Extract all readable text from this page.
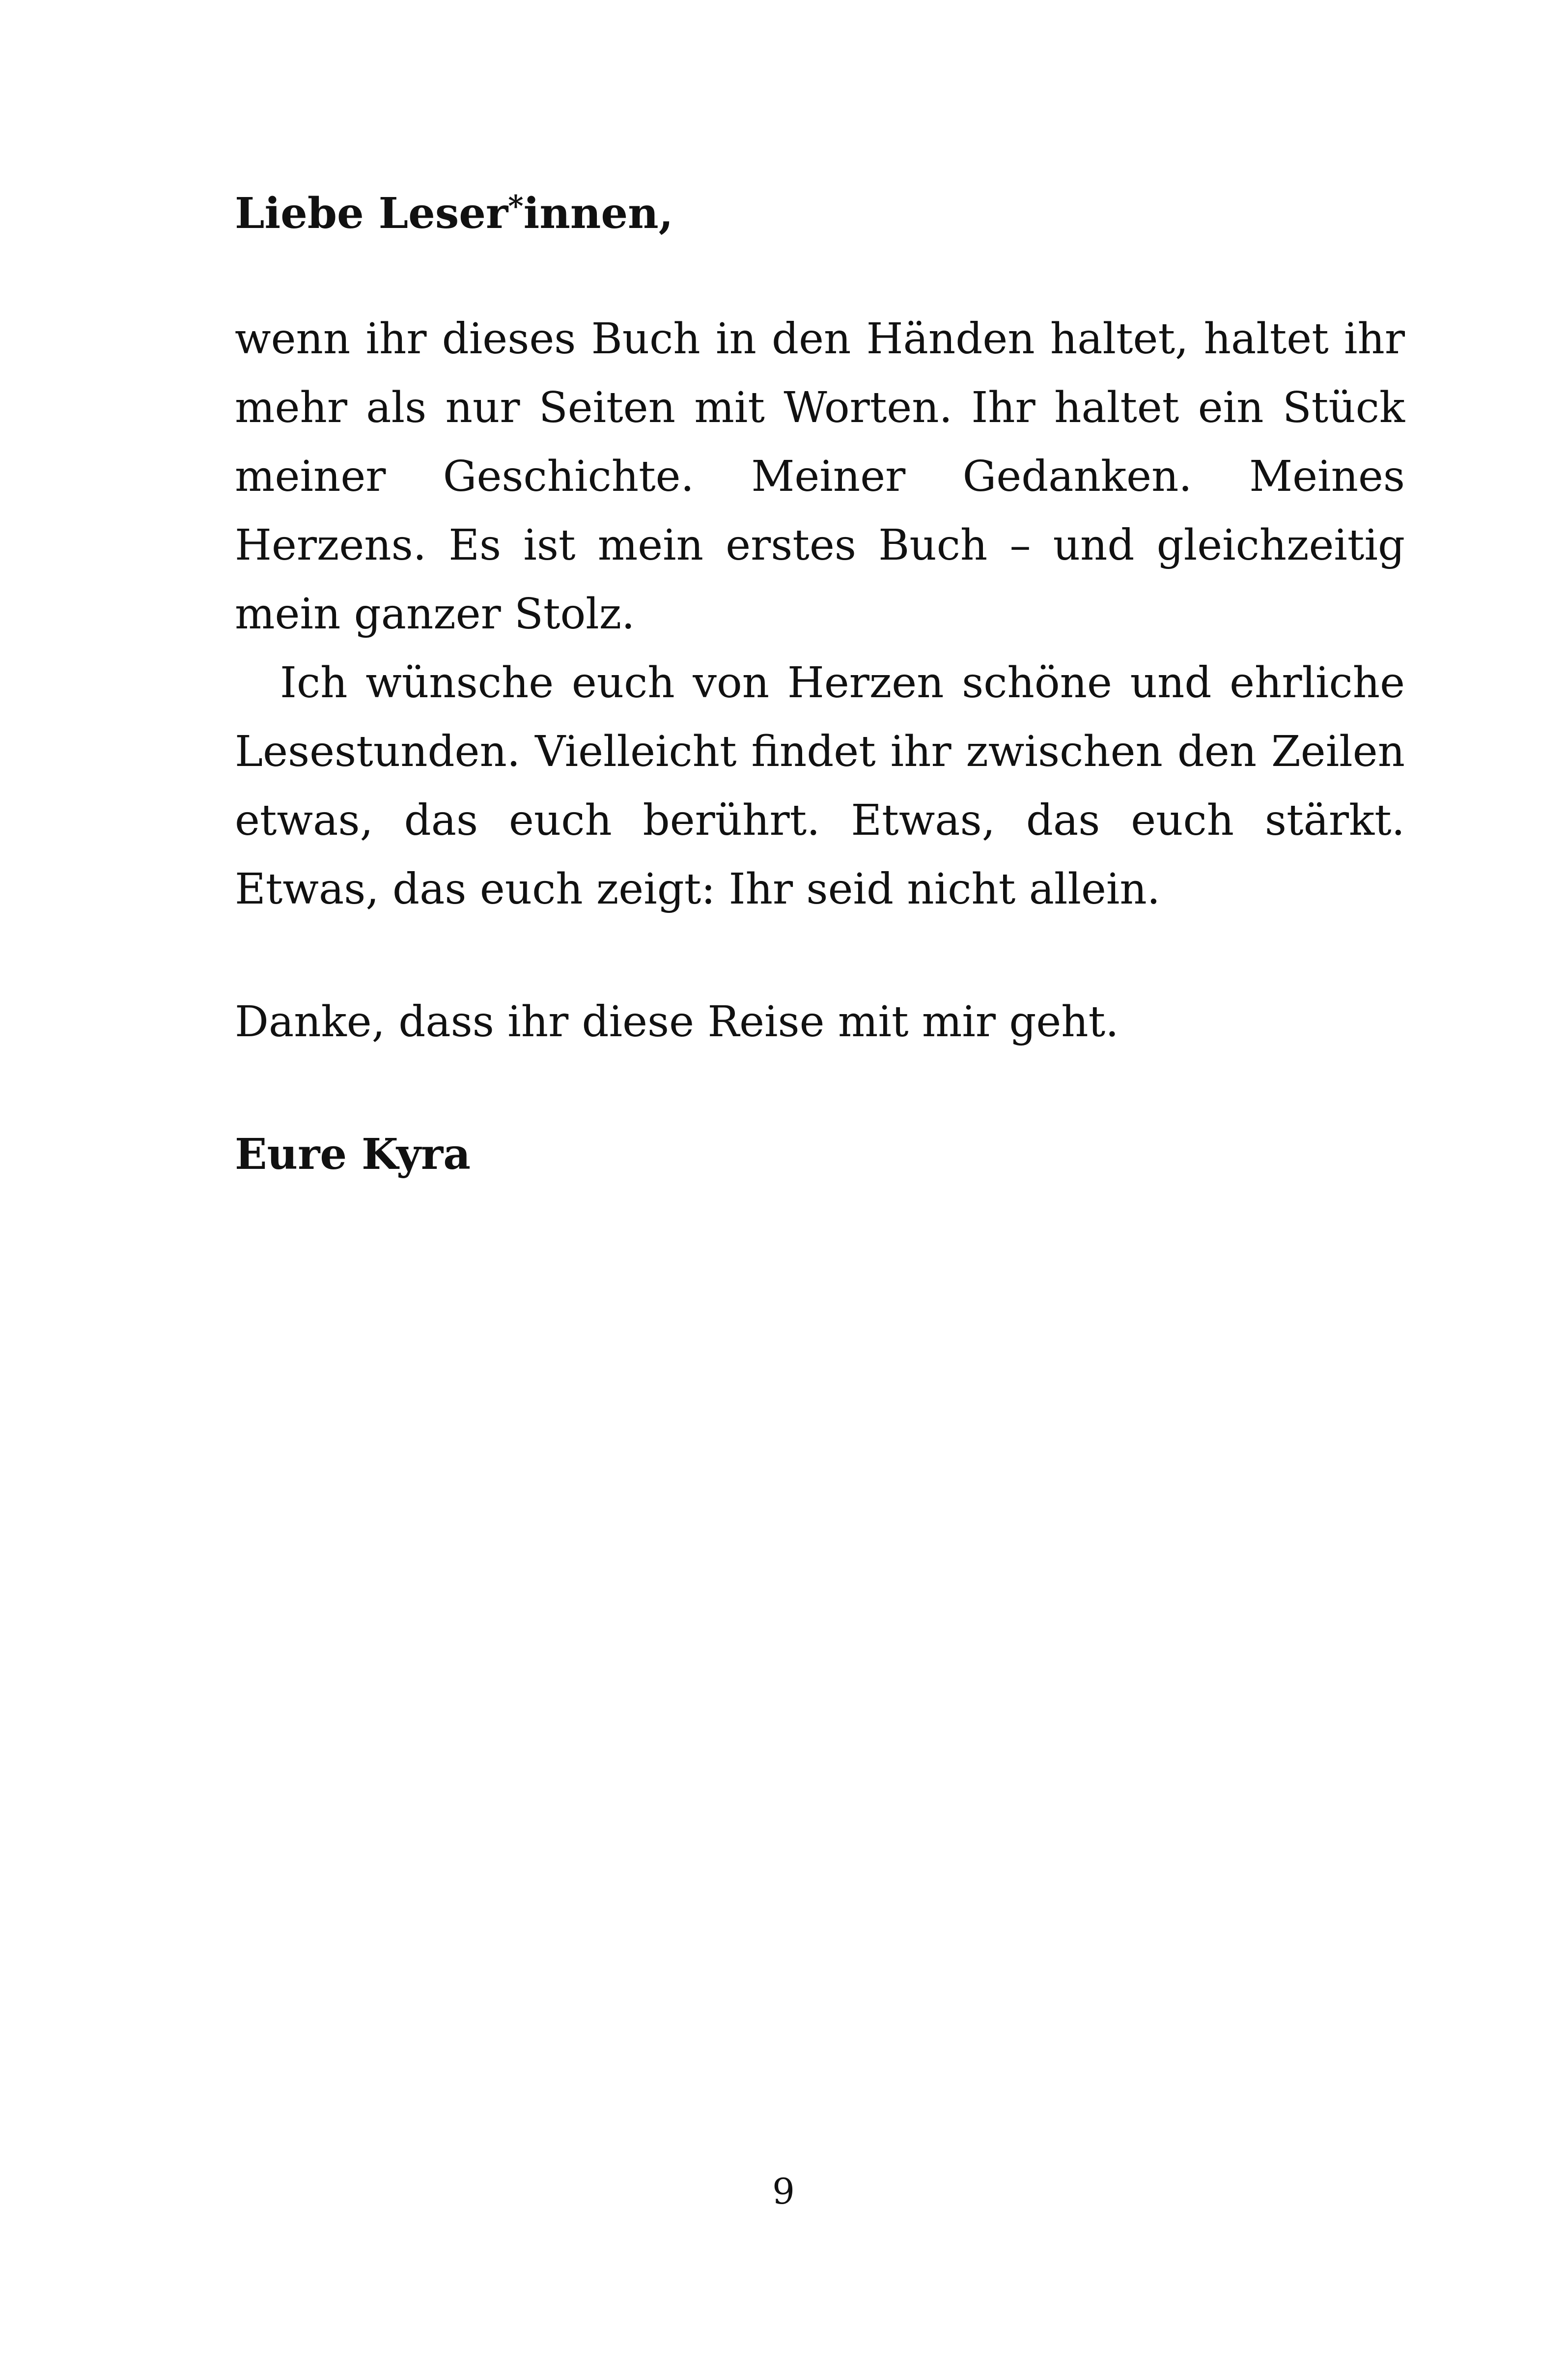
Liebe Leser*innen,

wenn ihr dieses Buch in den Händen haltet, haltet ihr mehr als nur Seiten mit Worten. Ihr haltet ein Stück meiner Geschichte. Meiner Gedanken. Meines Herzens. Es ist mein erstes Buch – und gleichzeitig mein ganzer Stolz.

Ich wünsche euch von Herzen schöne und ehrliche Lesestunden. Vielleicht findet ihr zwischen den Zeilen etwas, das euch berührt. Etwas, das euch stärkt. Etwas, das euch zeigt: Ihr seid nicht allein.

Danke, dass ihr diese Reise mit mir geht.

Eure Kyra

9
